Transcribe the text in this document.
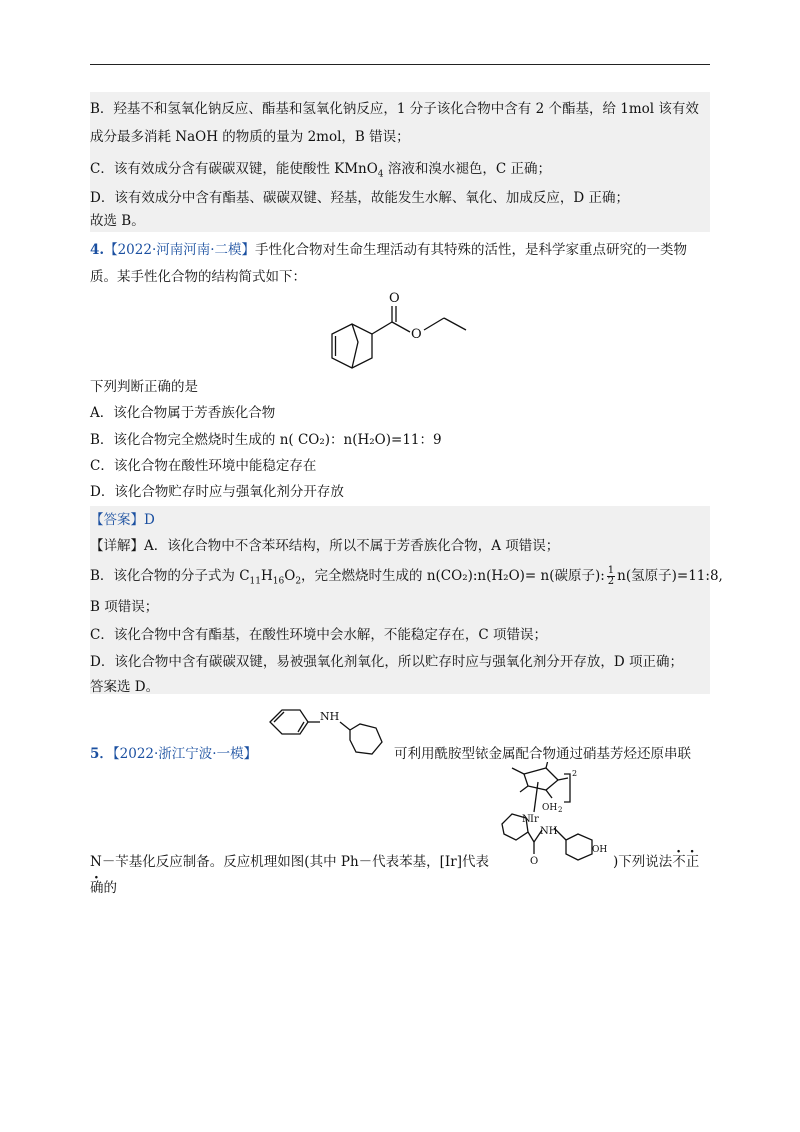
B．羟基不和氢氧化钠反应、酯基和氢氧化钠反应，1 分子该化合物中含有 2 个酯基，给 1mol 该有效
成分最多消耗 NaOH 的物质的量为 2mol，B 错误；
C．该有效成分含有碳碳双键，能使酸性 KMnO$_4$ 溶液和溴水褪色，C 正确；
D．该有效成分中含有酯基、碳碳双键、羟基，故能发生水解、氧化、加成反应，D 正确；
故选 B。
4.【2022·河南河南·二模】手性化合物对生命生理活动有其特殊的活性，是科学家重点研究的一类物
质。某手性化合物的结构简式如下：
O
O
下列判断正确的是
A．该化合物属于芳香族化合物
B．该化合物完全燃烧时生成的 n( CO₂)：n(H₂O)=11：9
C．该化合物在酸性环境中能稳定存在
D．该化合物贮存时应与强氧化剂分开存放
【答案】D
【详解】A．该化合物中不含苯环结构，所以不属于芳香族化合物，A 项错误；
B．该化合物的分子式为 $C_{11}H_{16}O_2$，完全燃烧时生成的 n(CO₂):n(H₂O)= n(碳原子): $\frac{1}{2} n$(氢原子)=11:8,
B 项错误；
C．该化合物中含有酯基，在酸性环境中会水解，不能稳定存在，C 项错误；
D．该化合物中含有碳碳双键，易被强氧化剂氧化，所以贮存时应与强氧化剂分开存放，D 项正确；
答案选 D。
5．【2022·浙江宁波·一模】
NH
可利用酰胺型铱金属配合物通过硝基芳烃还原串联
Ir
OH 2
2
N
NH
O
OH
N－苄基化反应制备。反应机理如图(其中 Ph－代表苯基，[Ir]代表	)下列说法不正
确的
